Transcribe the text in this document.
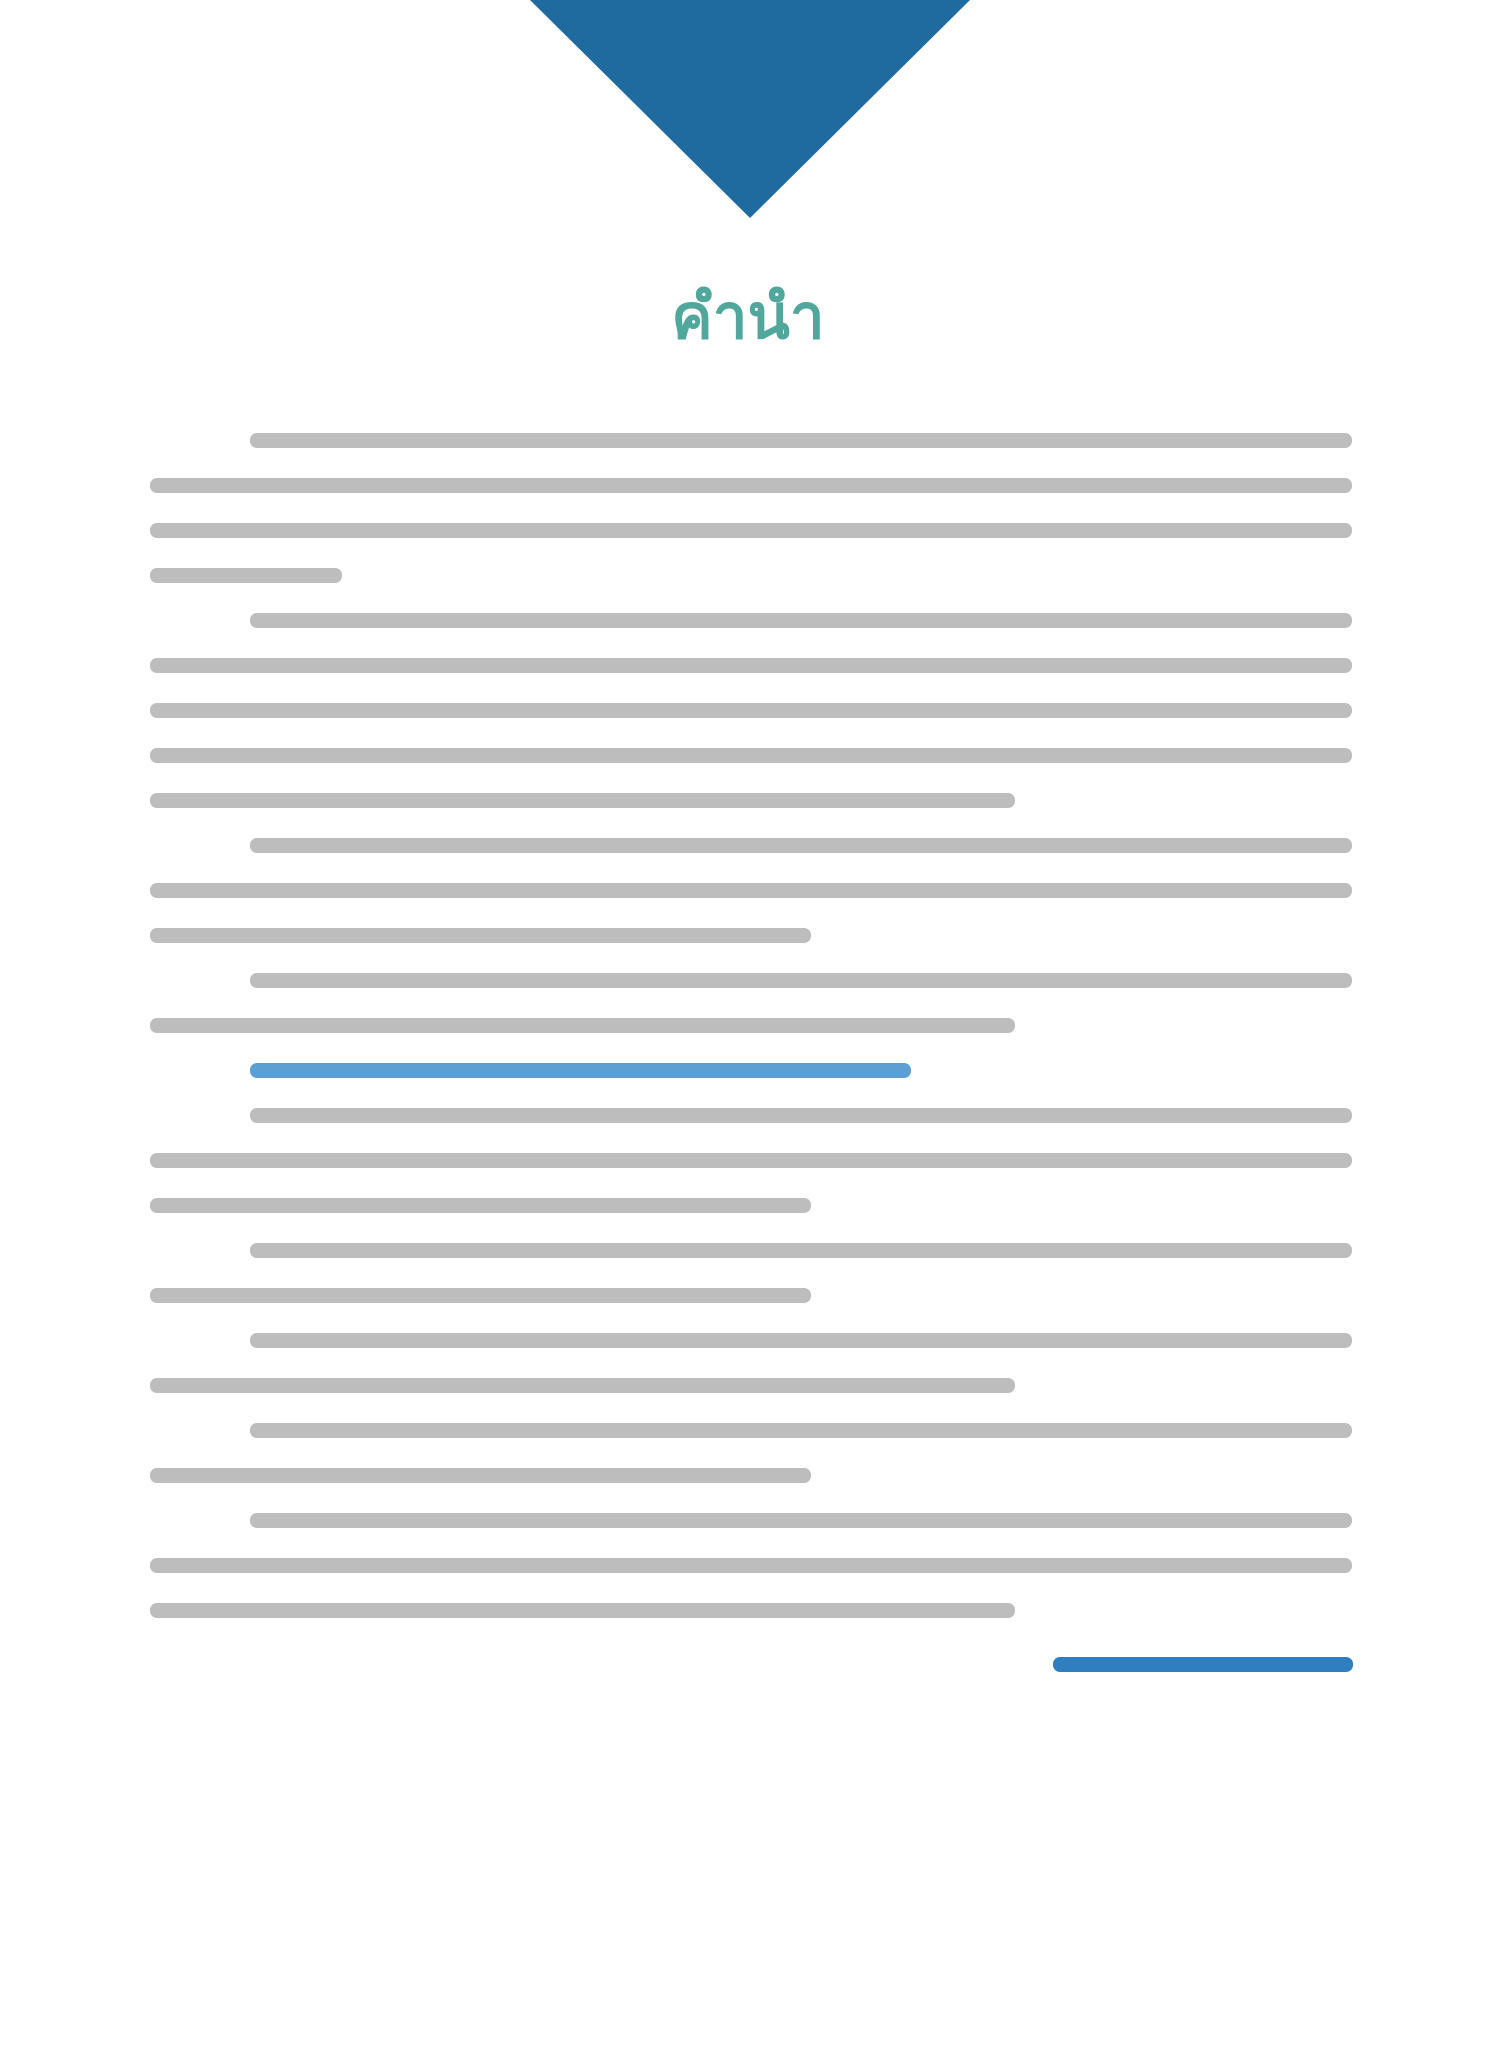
คำนำ
